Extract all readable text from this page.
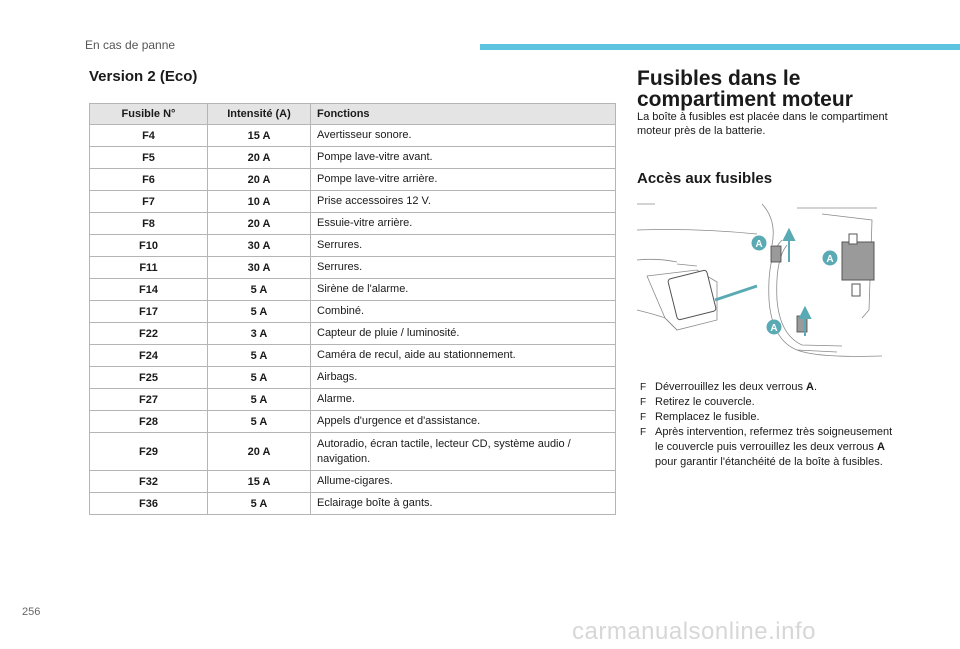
En cas de panne
Version 2 (Eco)
Fusible N°	Intensité (A)	Fonctions
F4	15 A	Avertisseur sonore.
F5	20 A	Pompe lave-vitre avant.
F6	20 A	Pompe lave-vitre arrière.
F7	10 A	Prise accessoires 12 V.
F8	20 A	Essuie-vitre arrière.
F10	30 A	Serrures.
F11	30 A	Serrures.
F14	5 A	Sirène de l'alarme.
F17	5 A	Combiné.
F22	3 A	Capteur de pluie / luminosité.
F24	5 A	Caméra de recul, aide au stationnement.
F25	5 A	Airbags.
F27	5 A	Alarme.
F28	5 A	Appels d'urgence et d'assistance.
F29	20 A	Autoradio, écran tactile, lecteur CD, système audio / navigation.
F32	15 A	Allume-cigares.
F36	5 A	Eclairage boîte à gants.
Fusibles dans le compartiment moteur
La boîte à fusibles est placée dans le compartiment moteur près de la batterie.
Accès aux fusibles
A
A
A
F Déverrouillez les deux verrous A.
F Retirez le couvercle.
F Remplacez le fusible.
F Après intervention, refermez très soigneusement le couvercle puis verrouillez les deux verrous A pour garantir l'étanchéité de la boîte à fusibles.
256
carmanualsonline.info
